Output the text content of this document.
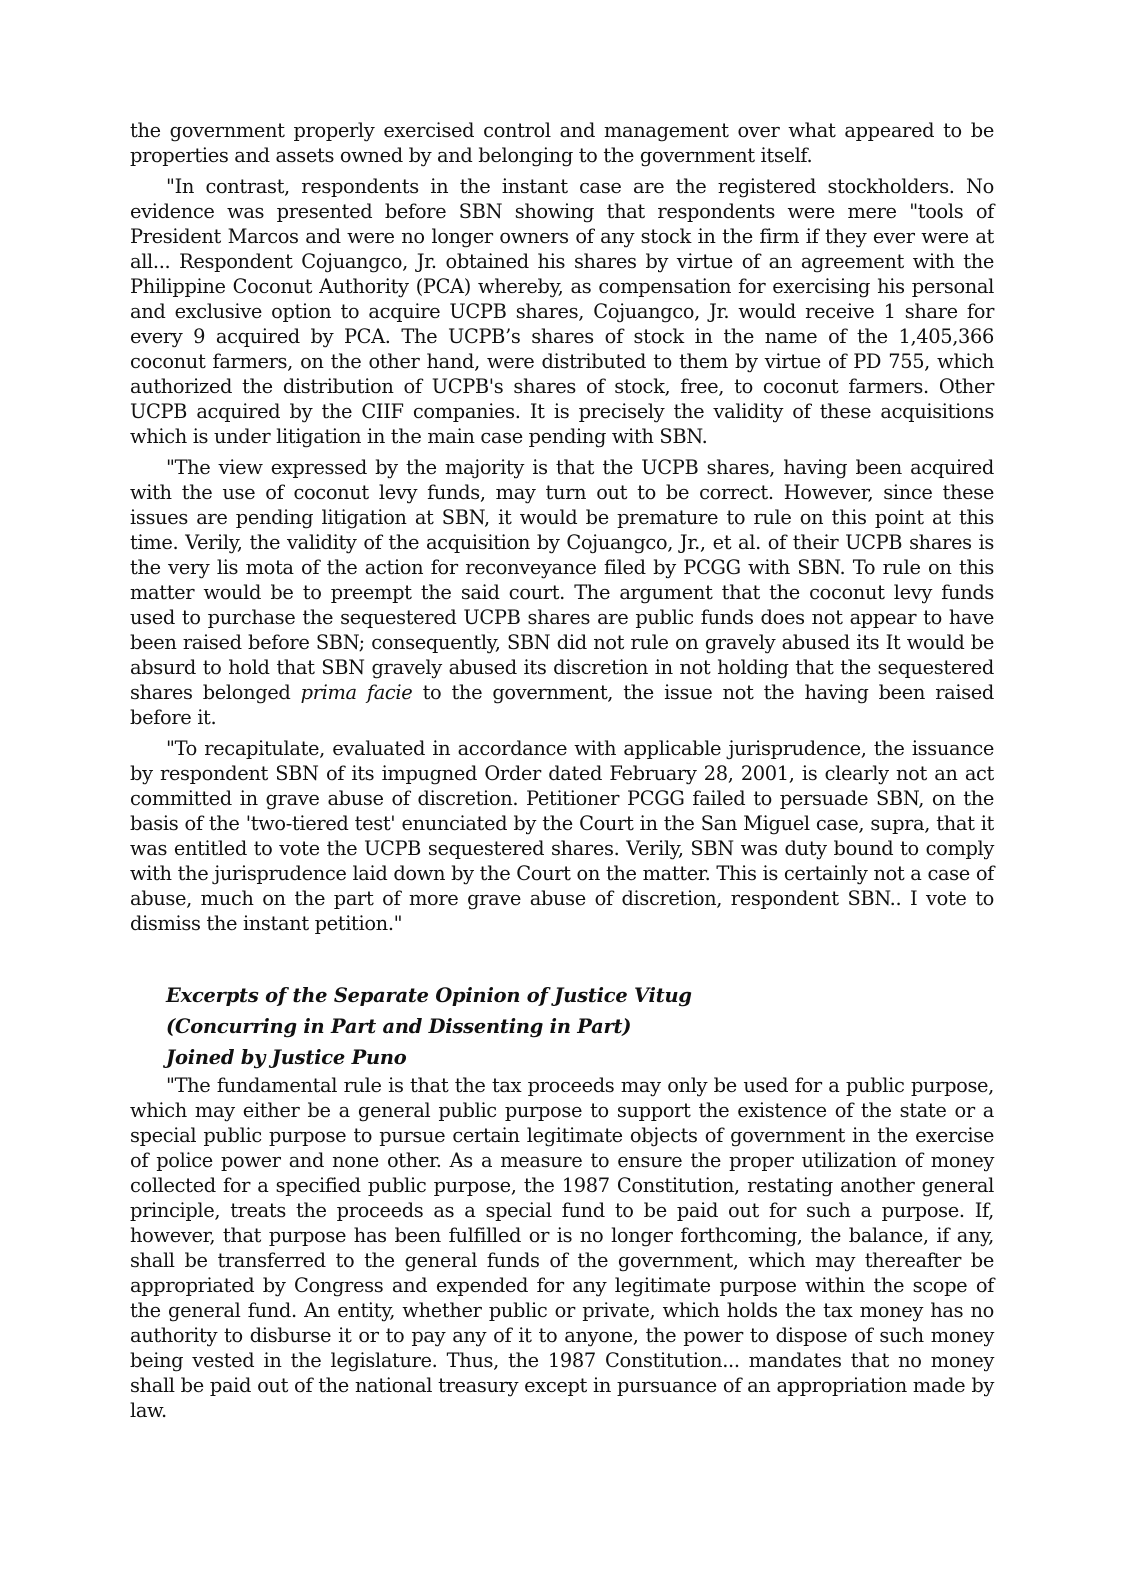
the government properly exercised control and management over what appeared to be properties and assets owned by and belonging to the government itself.

"In contrast, respondents in the instant case are the registered stockholders. No evidence was presented before SBN showing that respondents were mere "tools of President Marcos and were no longer owners of any stock in the firm if they ever were at all... Respondent Cojuangco, Jr. obtained his shares by virtue of an agreement with the Philippine Coconut Authority (PCA) whereby, as compensation for exercising his personal and exclusive option to acquire UCPB shares, Cojuangco, Jr. would receive 1 share for every 9 acquired by PCA. The UCPB’s shares of stock in the name of the 1,405,366 coconut farmers, on the other hand, were distributed to them by virtue of PD 755, which authorized the distribution of UCPB's shares of stock, free, to coconut farmers. Other UCPB acquired by the CIIF companies. It is precisely the validity of these acquisitions which is under litigation in the main case pending with SBN.

"The view expressed by the majority is that the UCPB shares, having been acquired with the use of coconut levy funds, may turn out to be correct. However, since these issues are pending litigation at SBN, it would be premature to rule on this point at this time. Verily, the validity of the acquisition by Cojuangco, Jr., et al. of their UCPB shares is the very lis mota of the action for reconveyance filed by PCGG with SBN. To rule on this matter would be to preempt the said court. The argument that the coconut levy funds used to purchase the sequestered UCPB shares are public funds does not appear to have been raised before SBN; consequently, SBN did not rule on gravely abused its It would be absurd to hold that SBN gravely abused its discretion in not holding that the sequestered shares belonged prima facie to the government, the issue not the having been raised before it.

"To recapitulate, evaluated in accordance with applicable jurisprudence, the issuance by respondent SBN of its impugned Order dated February 28, 2001, is clearly not an act committed in grave abuse of discretion. Petitioner PCGG failed to persuade SBN, on the basis of the 'two-tiered test' enunciated by the Court in the San Miguel case, supra, that it was entitled to vote the UCPB sequestered shares. Verily, SBN was duty bound to comply with the jurisprudence laid down by the Court on the matter. This is certainly not a case of abuse, much on the part of more grave abuse of discretion, respondent SBN.. I vote to dismiss the instant petition."

Excerpts of the Separate Opinion of Justice Vitug

(Concurring in Part and Dissenting in Part)

Joined by Justice Puno

"The fundamental rule is that the tax proceeds may only be used for a public purpose, which may either be a general public purpose to support the existence of the state or a special public purpose to pursue certain legitimate objects of government in the exercise of police power and none other. As a measure to ensure the proper utilization of money collected for a specified public purpose, the 1987 Constitution, restating another general principle, treats the proceeds as a special fund to be paid out for such a purpose. If, however, that purpose has been fulfilled or is no longer forthcoming, the balance, if any, shall be transferred to the general funds of the government, which may thereafter be appropriated by Congress and expended for any legitimate purpose within the scope of the general fund. An entity, whether public or private, which holds the tax money has no authority to disburse it or to pay any of it to anyone, the power to dispose of such money being vested in the legislature. Thus, the 1987 Constitution... mandates that no money shall be paid out of the national treasury except in pursuance of an appropriation made by law.
